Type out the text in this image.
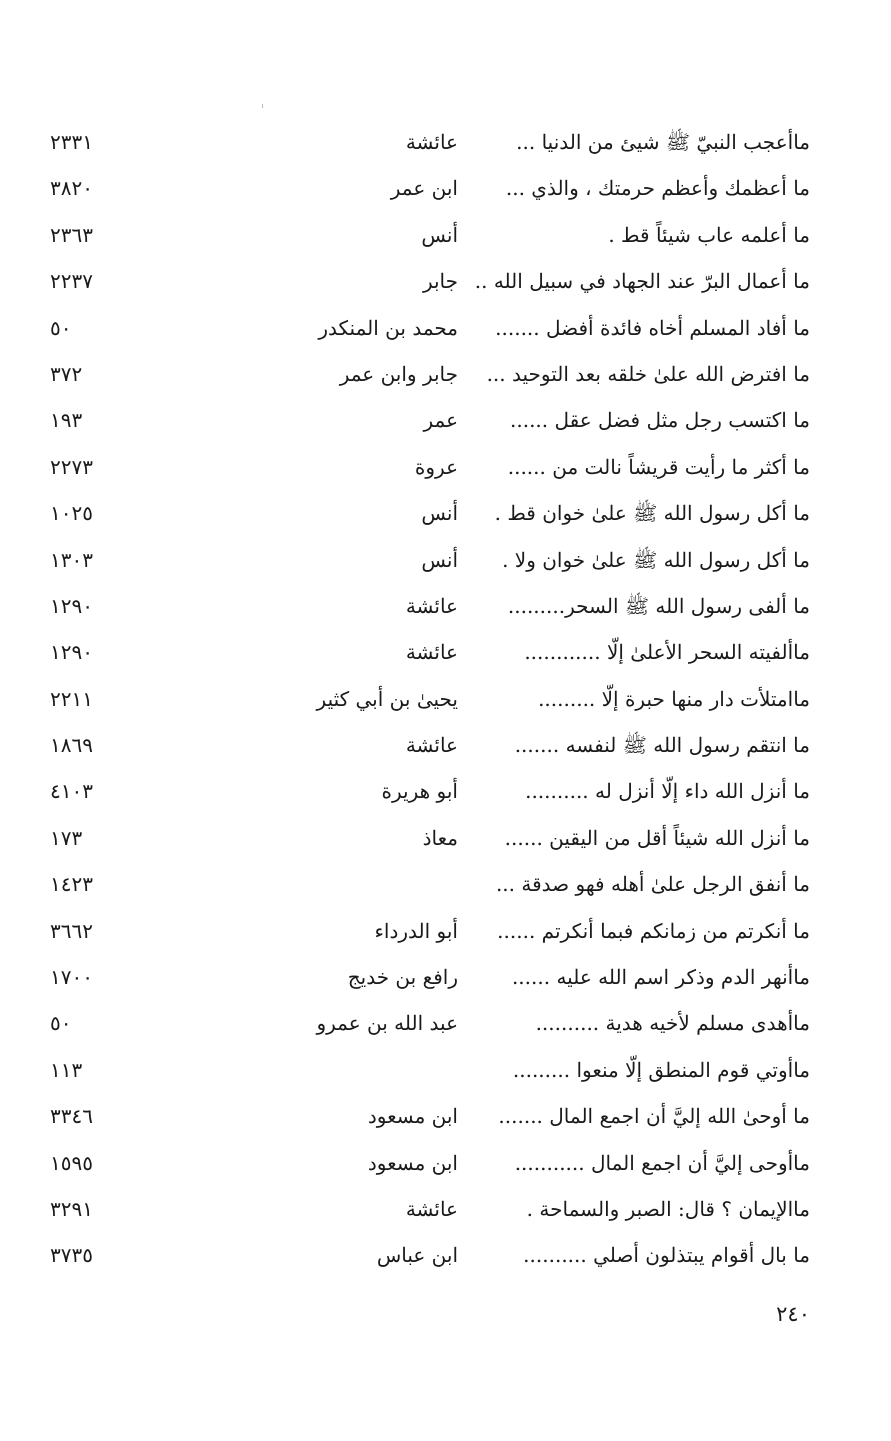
ماأعجب النبيّ ﷺ شيئ من الدنيا ...
عائشة
٢٣٣١
ما أعظمك وأعظم حرمتك ، والذي ...
ابن عمر
٣٨٢٠
ما أعلمه عاب شيئاً قط .
أنس
٢٣٦٣
ما أعمال البرّ عند الجهاد في سبيل الله ..
جابر
٢٢٣٧
ما أفاد المسلم أخاه فائدة أفضل .......
محمد بن المنكدر
٥٠
ما افترض الله علىٰ خلقه بعد التوحيد ...
جابر وابن عمر
٣٧٢
ما اكتسب رجل مثل فضل عقل ......
عمر
١٩٣
ما أكثر ما رأيت قريشاً نالت من ......
عروة
٢٢٧٣
ما أكل رسول الله ﷺ علىٰ خوان قط .
أنس
١٠٢٥
ما أكل رسول الله ﷺ علىٰ خوان ولا .
أنس
١٣٠٣
ما ألفى رسول الله ﷺ السحر.........
عائشة
١٢٩٠
ماألفيته السحر الأعلىٰ إلّا ............
عائشة
١٢٩٠
ماامتلأت دار منها حبرة إلّا .........
يحيىٰ بن أبي كثير
٢٢١١
ما انتقم رسول الله ﷺ لنفسه .......
عائشة
١٨٦٩
ما أنزل الله داء إلّا أنزل له ..........
أبو هريرة
٤١٠٣
ما أنزل الله شيئاً أقل من اليقين ......
معاذ
١٧٣
ما أنفق الرجل علىٰ أهله فهو صدقة ...
١٤٢٣
ما أنكرتم من زمانكم فبما أنكرتم ......
أبو الدرداء
٣٦٦٢
ماأنهر الدم وذكر اسم الله عليه ......
رافع بن خديج
١٧٠٠
ماأهدى مسلم لأخيه هدية ..........
عبد الله بن عمرو
٥٠
ماأوتي قوم المنطق إلّا منعوا .........
١١٣
ما أوحىٰ الله إليَّ أن اجمع المال .......
ابن مسعود
٣٣٤٦
ماأوحى إليَّ أن اجمع المال ...........
ابن مسعود
١٥٩٥
ماالإيمان ؟ قال: الصبر والسماحة .
عائشة
٣٢٩١
ما بال أقوام يبتذلون أصلي ..........
ابن عباس
٣٧٣٥
٢٤٠
